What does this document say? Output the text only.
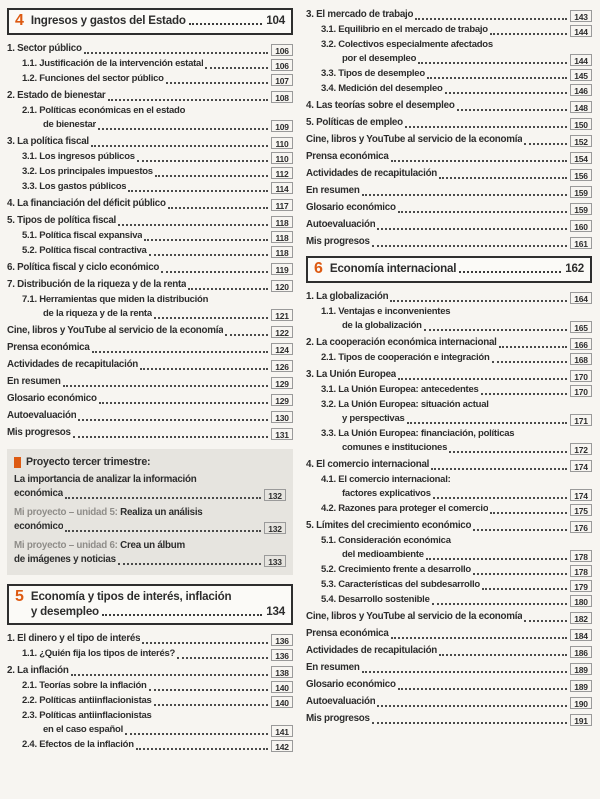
4 Ingresos y gastos del Estado	104
1. Sector público	106
1.1. Justificación de la intervención estatal	106
1.2. Funciones del sector público	107
2. Estado de bienestar	108
2.1. Políticas económicas en el estado
de bienestar	109
3. La política fiscal	110
3.1. Los ingresos públicos	110
3.2. Los principales impuestos	112
3.3. Los gastos públicos	114
4. La financiación del déficit público	117
5. Tipos de política fiscal	118
5.1. Política fiscal expansiva	118
5.2. Política fiscal contractiva	118
6. Política fiscal y ciclo económico	119
7. Distribución de la riqueza y de la renta	120
7.1. Herramientas que miden la distribución
de la riqueza y de la renta	121
Cine, libros y YouTube al servicio de la economía	122
Prensa económica	124
Actividades de recapitulación	126
En resumen	129
Glosario económico	129
Autoevaluación	130
Mis progresos	131
Proyecto tercer trimestre:
La importancia de analizar la información
económica	132
Mi proyecto – unidad 5: Realiza un análisis
económico	132
Mi proyecto – unidad 6: Crea un álbum
de imágenes y noticias	133
5 Economía y tipos de interés, inflación
y desempleo	134
1. El dinero y el tipo de interés	136
1.1. ¿Quién fija los tipos de interés?	136
2. La inflación	138
2.1. Teorías sobre la inflación	140
2.2. Políticas antiinflacionistas	140
2.3. Políticas antiinflacionistas
en el caso español	141
2.4. Efectos de la inflación	142
3. El mercado de trabajo	143
3.1. Equilibrio en el mercado de trabajo	144
3.2. Colectivos especialmente afectados
por el desempleo	144
3.3. Tipos de desempleo	145
3.4. Medición del desempleo	146
4. Las teorías sobre el desempleo	148
5. Políticas de empleo	150
Cine, libros y YouTube al servicio de la economía	152
Prensa económica	154
Actividades de recapitulación	156
En resumen	159
Glosario económico	159
Autoevaluación	160
Mis progresos	161
6 Economía internacional	162
1. La globalización	164
1.1. Ventajas e inconvenientes
de la globalización	165
2. La cooperación económica internacional	166
2.1. Tipos de cooperación e integración	168
3. La Unión Europea	170
3.1. La Unión Europea: antecedentes	170
3.2. La Unión Europea: situación actual
y perspectivas	171
3.3. La Unión Europea: financiación, políticas
comunes e instituciones	172
4. El comercio internacional	174
4.1. El comercio internacional:
factores explicativos	174
4.2. Razones para proteger el comercio	175
5. Límites del crecimiento económico	176
5.1. Consideración económica
del medioambiente	178
5.2. Crecimiento frente a desarrollo	178
5.3. Características del subdesarrollo	179
5.4. Desarrollo sostenible	180
Cine, libros y YouTube al servicio de la economía	182
Prensa económica	184
Actividades de recapitulación	186
En resumen	189
Glosario económico	189
Autoevaluación	190
Mis progresos	191
